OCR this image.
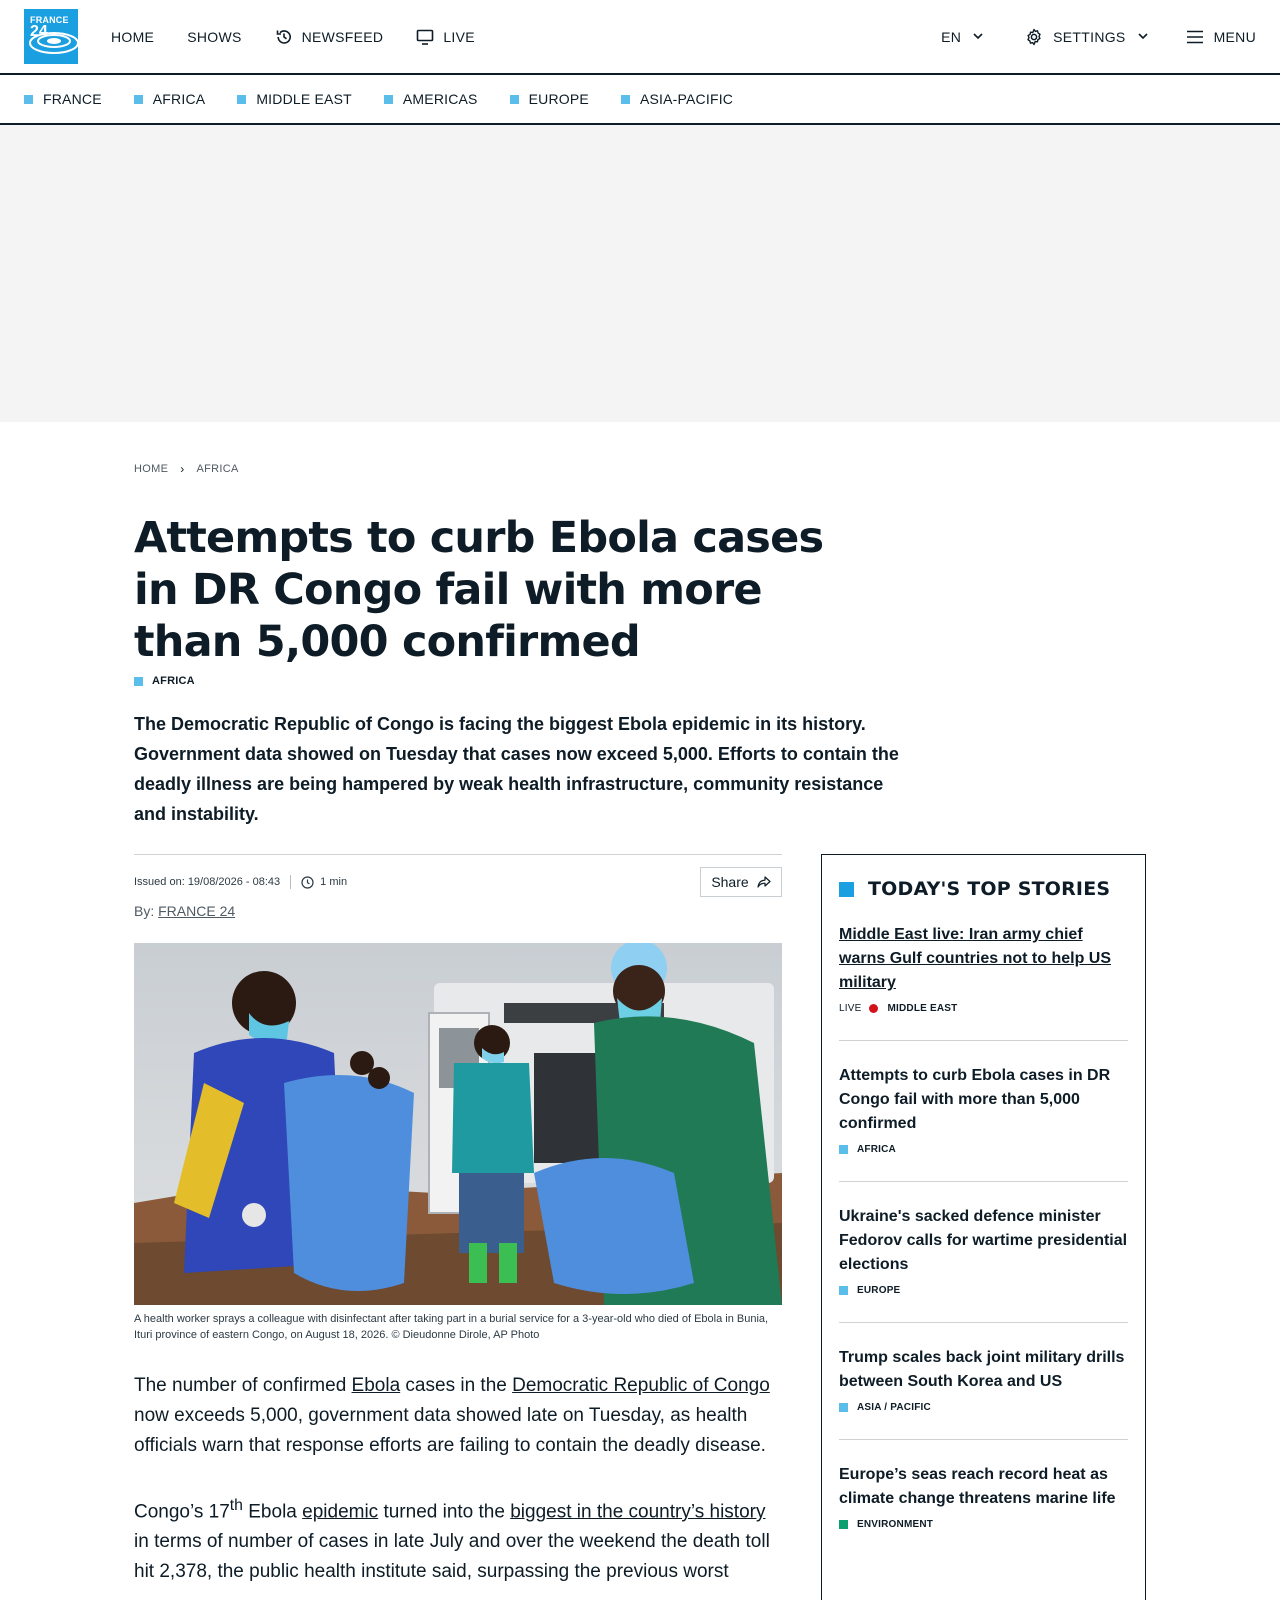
FRANCE
24	HOME SHOWS	NEWSFEED	LIVE	EN	SETTINGS	MENU
FRANCE	AFRICA	MIDDLE EAST	AMERICAS	EUROPE	ASIA-PACIFIC
HOME › AFRICA
Attempts to curb Ebola cases in DR Congo fail with more than 5,000 confirmed
AFRICA

The Democratic Republic of Congo is facing the biggest Ebola epidemic in its history. Government data showed on Tuesday that cases now exceed 5,000. Efforts to contain the deadly illness are being hampered by weak health infrastructure, community resistance and instability.

Issued on: 19/08/2026 - 08:43	1 min	Share
By: FRANCE 24

A health worker sprays a colleague with disinfectant after taking part in a burial service for a 3-year-old who died of Ebola in Bunia, Ituri province of eastern Congo, on August 18, 2026. © Dieudonne Dirole, AP Photo

The number of confirmed Ebola cases in the Democratic Republic of Congo now exceeds 5,000, government data showed late on Tuesday, as health officials warn that response efforts are failing to contain the deadly disease.

Congo’s 17th Ebola epidemic turned into the biggest in the country’s history in terms of number of cases in late July and over the weekend the death toll hit 2,378, the public health institute said, surpassing the previous worst

TODAY'S TOP STORIES
Middle East live: Iran army chief warns Gulf countries not to help US military
LIVE	MIDDLE EAST
Attempts to curb Ebola cases in DR Congo fail with more than 5,000 confirmed
AFRICA
Ukraine's sacked defence minister Fedorov calls for wartime presidential elections
EUROPE
Trump scales back joint military drills between South Korea and US
ASIA / PACIFIC
Europe’s seas reach record heat as climate change threatens marine life
ENVIRONMENT
